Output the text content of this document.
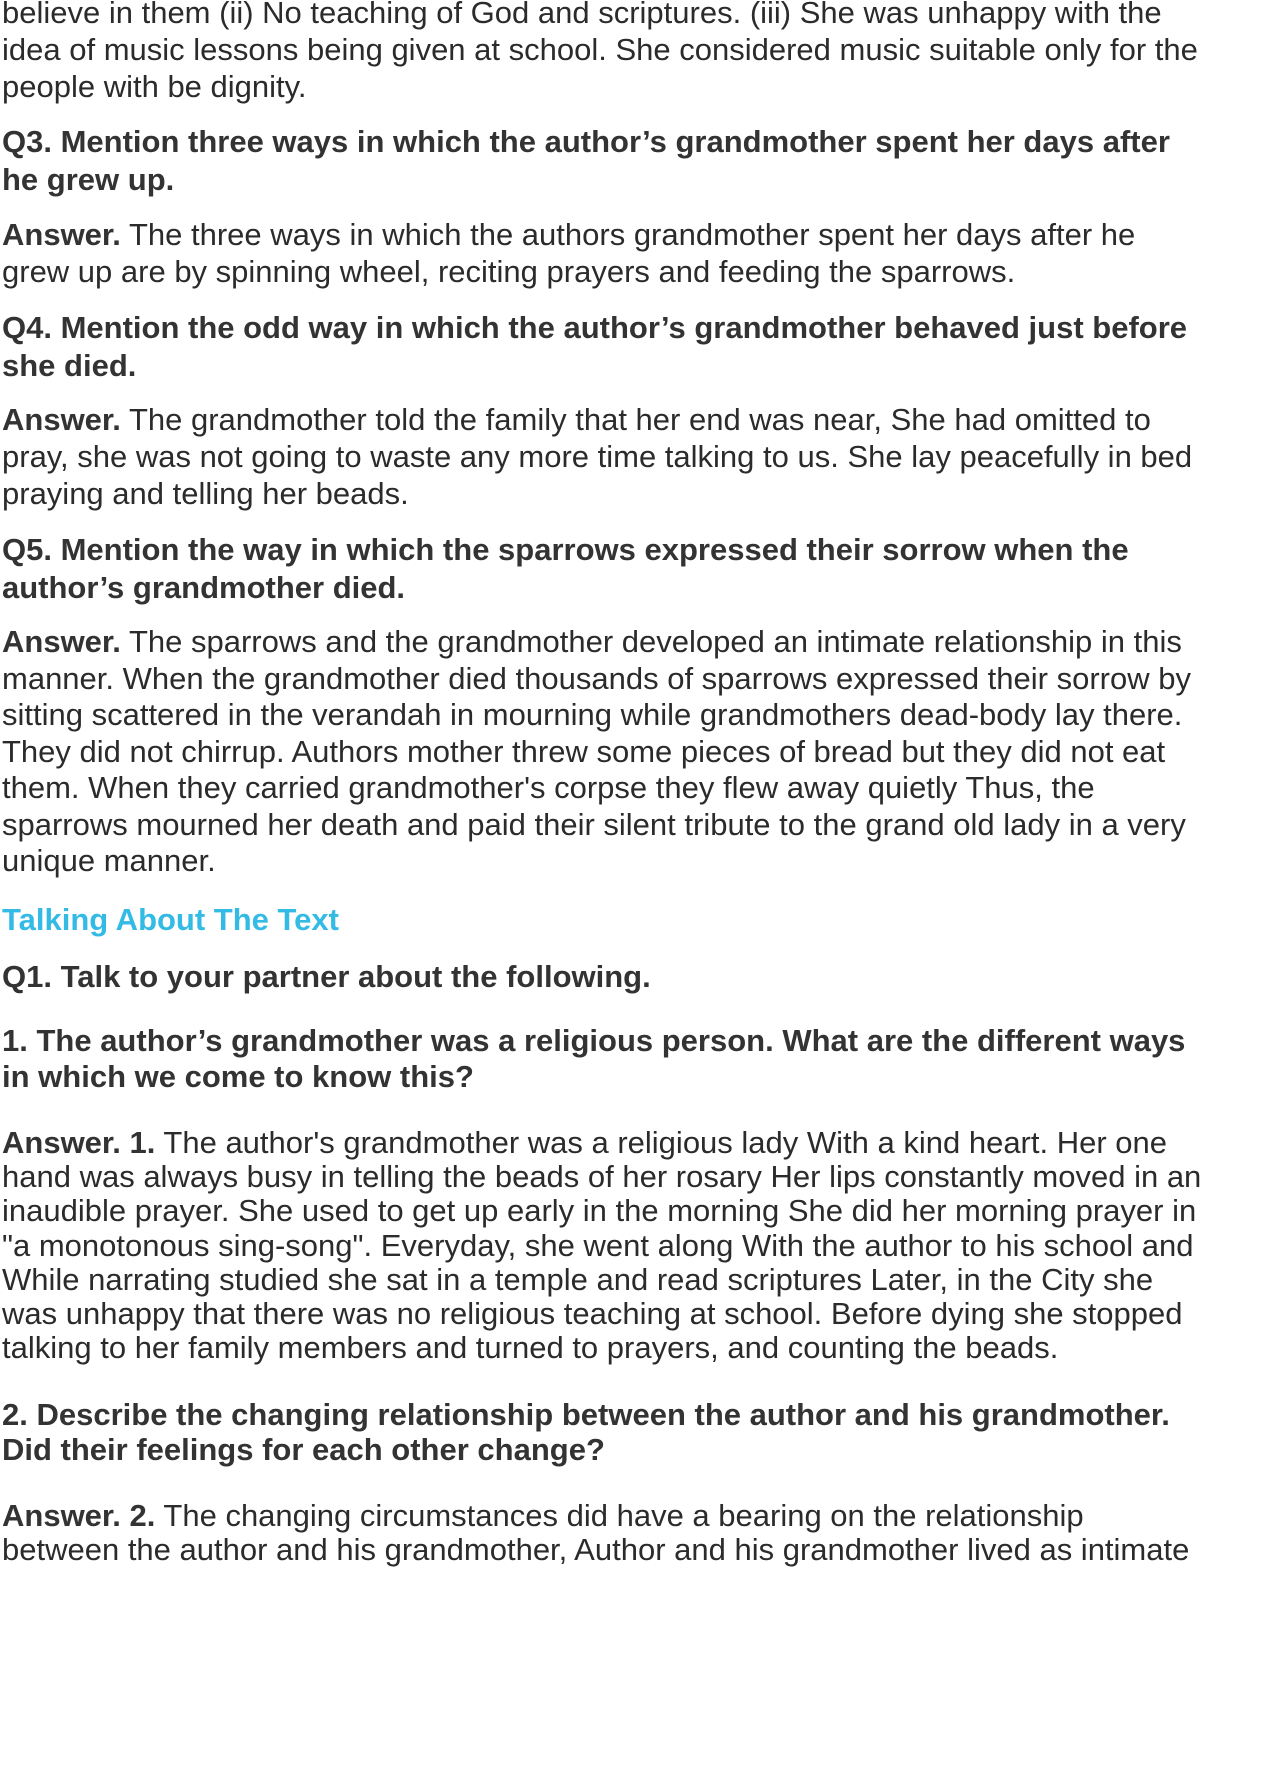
believe in them (ii) No teaching of God and scriptures. (iii) She was unhappy with the
idea of music lessons being given at school. She considered music suitable only for the
people with be dignity.
Q3. Mention three ways in which the author’s grandmother spent her days after
he grew up.
Answer. The three ways in which the authors grandmother spent her days after he
grew up are by spinning wheel, reciting prayers and feeding the sparrows.
Q4. Mention the odd way in which the author’s grandmother behaved just before
she died.
Answer. The grandmother told the family that her end was near, She had omitted to
pray, she was not going to waste any more time talking to us. She lay peacefully in bed
praying and telling her beads.
Q5. Mention the way in which the sparrows expressed their sorrow when the
author’s grandmother died.
Answer. The sparrows and the grandmother developed an intimate relationship in this
manner. When the grandmother died thousands of sparrows expressed their sorrow by
sitting scattered in the verandah in mourning while grandmothers dead-body lay there.
They did not chirrup. Authors mother threw some pieces of bread but they did not eat
them. When they carried grandmother's corpse they flew away quietly Thus, the
sparrows mourned her death and paid their silent tribute to the grand old lady in a very
unique manner.
Talking About The Text
Q1. Talk to your partner about the following.
1. The author’s grandmother was a religious person. What are the different ways
in which we come to know this?
Answer. 1. The author's grandmother was a religious lady With a kind heart. Her one
hand was always busy in telling the beads of her rosary Her lips constantly moved in an
inaudible prayer. She used to get up early in the morning She did her morning prayer in
"a monotonous sing-song". Everyday, she went along With the author to his school and
While narrating studied she sat in a temple and read scriptures Later, in the City she
was unhappy that there was no religious teaching at school. Before dying she stopped
talking to her family members and turned to prayers, and counting the beads.
2. Describe the changing relationship between the author and his grandmother.
Did their feelings for each other change?
Answer. 2. The changing circumstances did have a bearing on the relationship
between the author and his grandmother, Author and his grandmother lived as intimate
